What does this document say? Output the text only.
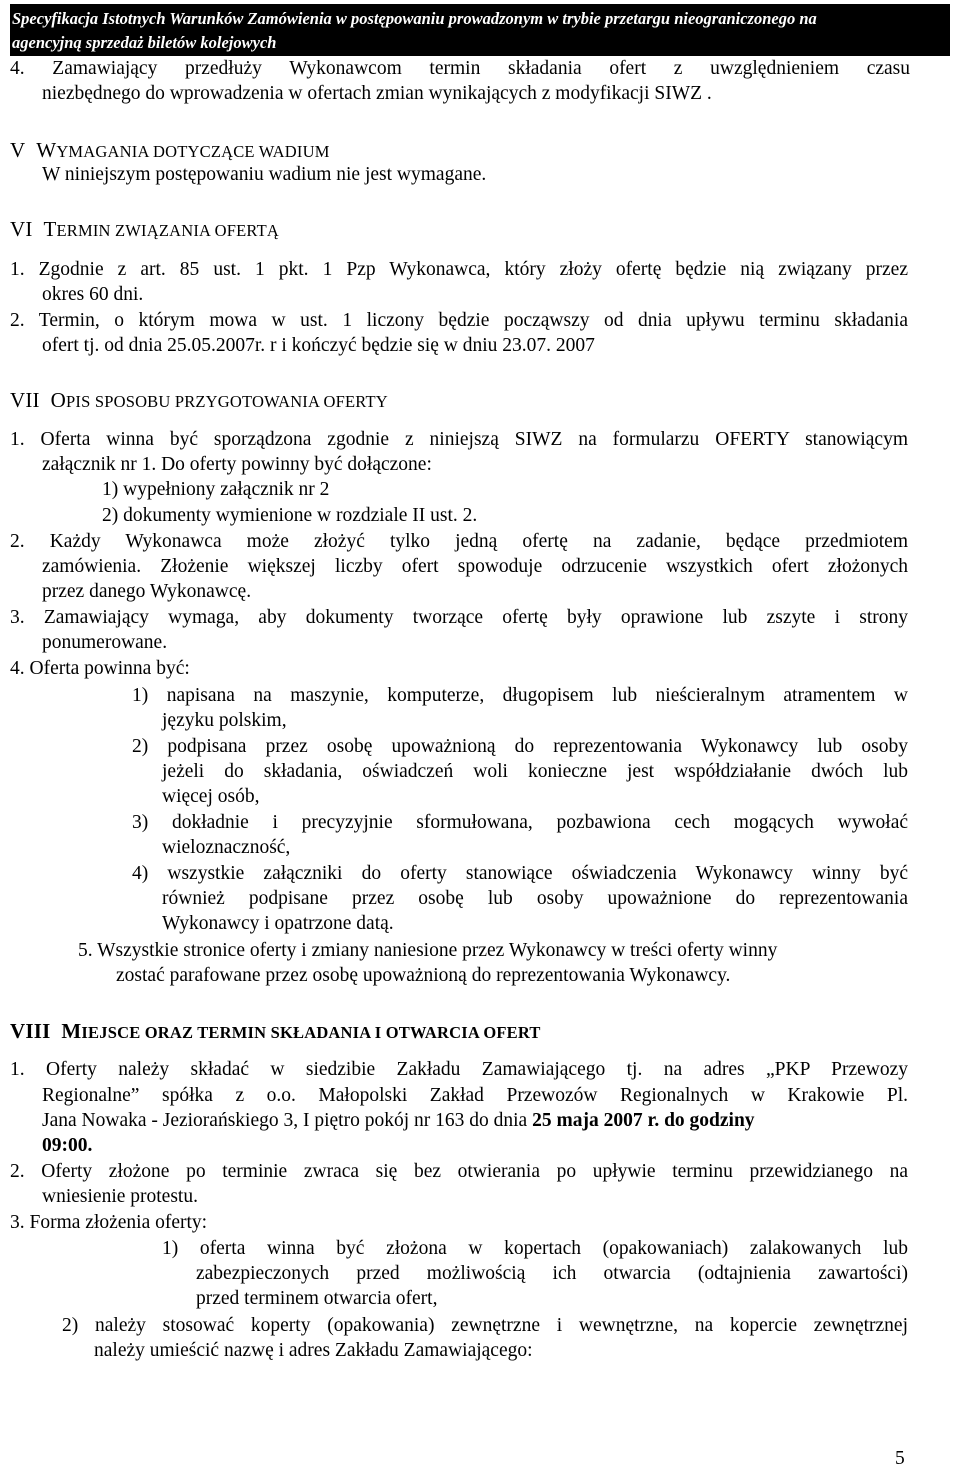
Specyfikacja Istotnych Warunków Zamówienia w postępowaniu prowadzonym w trybie przetargu nieograniczonego na
agencyjną sprzedaż biletów kolejowych
4. Zamawiający przedłuży Wykonawcom termin składania ofert z uwzględnieniem czasu
niezbędnego do wprowadzenia w ofertach zmian wynikających z modyfikacji SIWZ .
V WYMAGANIA DOTYCZĄCE WADIUM
W niniejszym postępowaniu wadium nie jest wymagane.
VI TERMIN ZWIĄZANIA OFERTĄ
1. Zgodnie z art. 85 ust. 1 pkt. 1 Pzp Wykonawca, który złoży ofertę będzie nią związany przez
okres 60 dni.
2. Termin, o którym mowa w ust. 1 liczony będzie począwszy od dnia upływu terminu składania
ofert tj. od dnia 25.05.2007r. r i kończyć będzie się w dniu 23.07. 2007
VII OPIS SPOSOBU PRZYGOTOWANIA OFERTY
1. Oferta winna być sporządzona zgodnie z niniejszą SIWZ na formularzu OFERTY stanowiącym
załącznik nr 1. Do oferty powinny być dołączone:
1) wypełniony załącznik nr 2
2) dokumenty wymienione w rozdziale II ust. 2.
2. Każdy Wykonawca może złożyć tylko jedną ofertę na zadanie, będące przedmiotem
zamówienia. Złożenie większej liczby ofert spowoduje odrzucenie wszystkich ofert złożonych
przez danego Wykonawcę.
3. Zamawiający wymaga, aby dokumenty tworzące ofertę były oprawione lub zszyte i strony
ponumerowane.
4. Oferta powinna być:
1) napisana na maszynie, komputerze, długopisem lub nieścieralnym atramentem w
języku polskim,
2) podpisana przez osobę upoważnioną do reprezentowania Wykonawcy lub osoby
jeżeli do składania, oświadczeń woli konieczne jest współdziałanie dwóch lub
więcej osób,
3) dokładnie i precyzyjnie sformułowana, pozbawiona cech mogących wywołać
wieloznaczność,
4) wszystkie załączniki do oferty stanowiące oświadczenia Wykonawcy winny być
również podpisane przez osobę lub osoby upoważnione do reprezentowania
Wykonawcy i opatrzone datą.
5. Wszystkie stronice oferty i zmiany naniesione przez Wykonawcy w treści oferty winny
zostać parafowane przez osobę upoważnioną do reprezentowania Wykonawcy.
VIII MIEJSCE ORAZ TERMIN SKŁADANIA I OTWARCIA OFERT
1. Oferty należy składać w siedzibie Zakładu Zamawiającego tj. na adres „PKP Przewozy
Regionalne” spółka z o.o. Małopolski Zakład Przewozów Regionalnych w Krakowie Pl.
Jana Nowaka - Jeziorańskiego 3, I piętro pokój nr 163 do dnia 25 maja 2007 r. do godziny
09:00.
2. Oferty złożone po terminie zwraca się bez otwierania po upływie terminu przewidzianego na
wniesienie protestu.
3. Forma złożenia oferty:
1) oferta winna być złożona w kopertach (opakowaniach) zalakowanych lub
zabezpieczonych przed możliwością ich otwarcia (odtajnienia zawartości)
przed terminem otwarcia ofert,
2) należy stosować koperty (opakowania) zewnętrzne i wewnętrzne, na kopercie zewnętrznej
należy umieścić nazwę i adres Zakładu Zamawiającego:
5
